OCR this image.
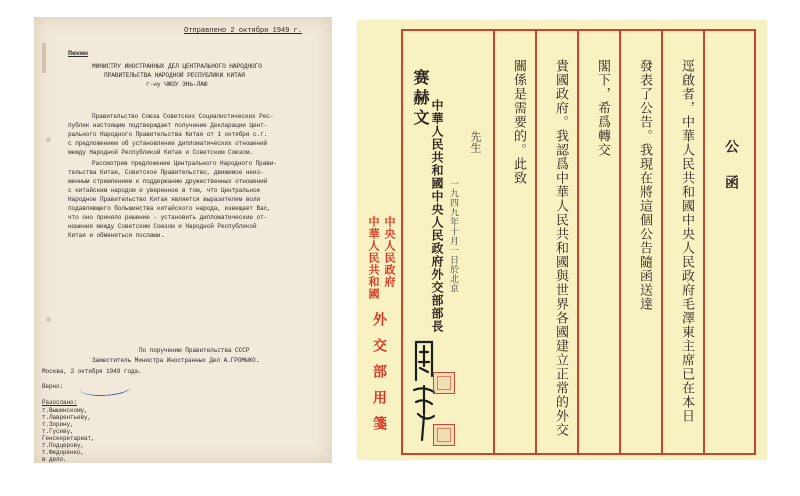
Отправлено 2 октября 1949 г.
Пекин
МИНИСТРУ ИНОСТРАННЫХ ДЕЛ ЦЕНТРАЛЬНОГО НАРОДНОГО
ПРАВИТЕЛЬСТВА НАРОДНОЙ РЕСПУБЛИКИ КИТАЯ
г-ну ЧЖОУ ЭНЬ-ЛАЮ
Правительство Союза Советских Социалистических Рес-
публик настоящим подтверждает получение Декларации Цент-
рального Народного Правительства Китая от 1 октября с.г.
с предложением об установлении дипломатических отношений
между Народной Республикой Китая и Советским Союзом.
Рассмотрев предложение Центрального Народного Прави-
тельства Китая, Советское Правительство, движимое неиз-
менным стремлением к поддержанию дружественных отношений
с китайским народом и уверенное в том, что Центральное
Народное Правительство Китая является выразителем воли
подавляющего большинства китайского народа, извещает Вас,
что оно приняло решение - установить дипломатические от-
ношения между Советским Союзом и Народной Республикой
Китая и обменяться послами.
По поручению Правительства СССР
Заместитель Министра Иностранных Дел А.ГРОМЫКО.
Москва, 2 октября 1949 года.
Верно:
Разослано:
т.Вышинскому,
т.Лаврентьеву,
т.Зорину,
т.Гусеву,
Генсекретариат,
т.Подцерову,
т.Федоренко,
в дело.
中華人民共和國 中央人民政府
外交部用箋
公函
逕啟者，中華人民共和國中央人民政府毛澤東主席已在本日
發表了公告。我現在將這個公告隨函送達
閣下，希爲轉交
貴國政府。我認爲中華人民共和國與世界各國建立正常的外交
關係是需要的。此致
先生
赛赫文
一九四九年十月一日於北京
中華人民共和國中央人民政府外交部部長
